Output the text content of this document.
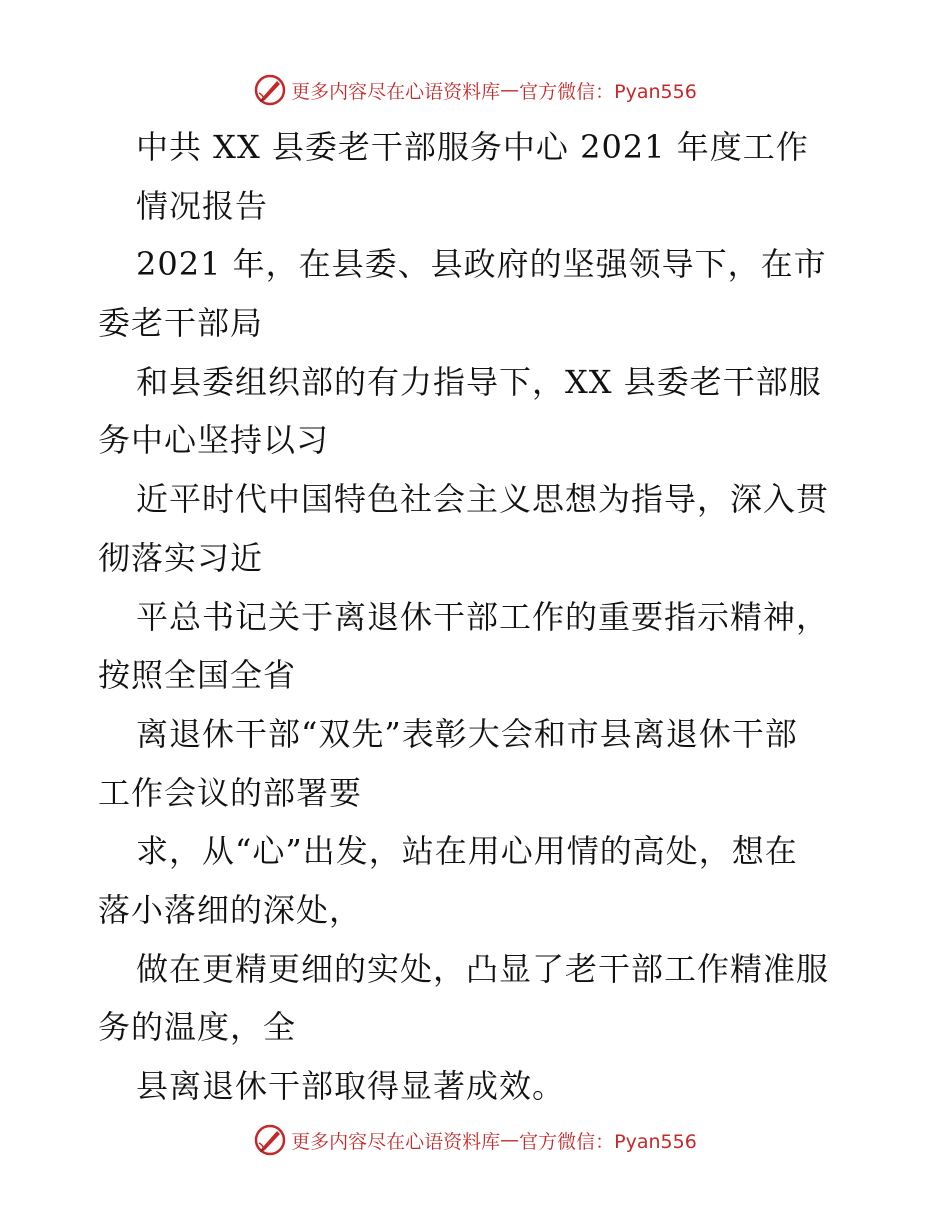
更多内容尽在心语资料库 — 官方微信：Pyan556
中共 XX 县委老干部服务中心 2021 年度工作
情况报告
2021 年，在县委、县政府的坚强领导下，在市
委老干部局
和县委组织部的有力指导下，XX 县委老干部服
务中心坚持以习
近平时代中国特色社会主义思想为指导，深入贯
彻落实习近
平总书记关于离退休干部工作的重要指示精神，
按照全国全省
离退休干部“双先”表彰大会和市县离退休干部
工作会议的部署要
求，从“心”出发，站在用心用情的高处，想在
落小落细的深处，
做在更精更细的实处，凸显了老干部工作精准服
务的温度，全
县离退休干部取得显著成效。
更多内容尽在心语资料库 — 官方微信：Pyan556
